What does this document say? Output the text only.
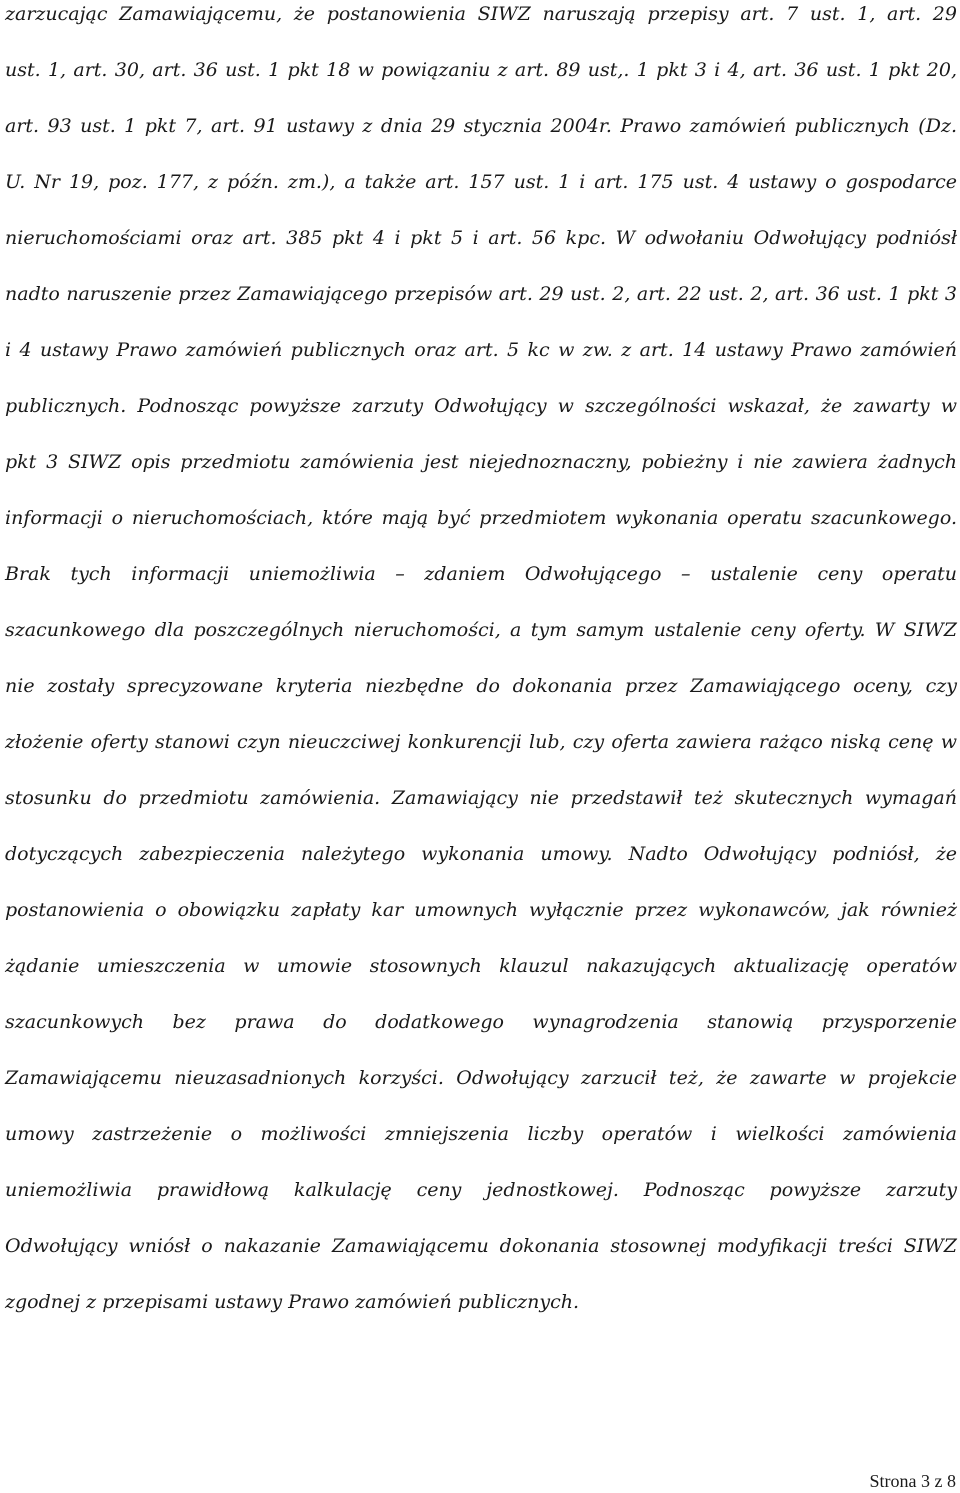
zarzucając Zamawiającemu, że postanowienia SIWZ naruszają przepisy art. 7 ust. 1, art. 29
ust. 1, art. 30, art. 36 ust. 1 pkt 18 w powiązaniu z art. 89 ust,. 1 pkt 3 i 4, art. 36 ust. 1 pkt 20,
art. 93 ust. 1 pkt 7, art. 91 ustawy z dnia 29 stycznia 2004r. Prawo zamówień publicznych (Dz.
U. Nr 19, poz. 177, z późn. zm.), a także art. 157 ust. 1 i art. 175 ust. 4 ustawy o gospodarce
nieruchomościami oraz art. 385 pkt 4 i pkt 5 i art. 56 kpc. W odwołaniu Odwołujący podniósł
nadto naruszenie przez Zamawiającego przepisów art. 29 ust. 2, art. 22 ust. 2, art. 36 ust. 1 pkt 3
i 4 ustawy Prawo zamówień publicznych oraz art. 5 kc w zw. z art. 14 ustawy Prawo zamówień
publicznych. Podnosząc powyższe zarzuty Odwołujący w szczególności wskazał, że zawarty w
pkt 3 SIWZ opis przedmiotu zamówienia jest niejednoznaczny, pobieżny i nie zawiera żadnych
informacji o nieruchomościach, które mają być przedmiotem wykonania operatu szacunkowego.
Brak tych informacji uniemożliwia – zdaniem Odwołującego – ustalenie ceny operatu
szacunkowego dla poszczególnych nieruchomości, a tym samym ustalenie ceny oferty. W SIWZ
nie zostały sprecyzowane kryteria niezbędne do dokonania przez Zamawiającego oceny, czy
złożenie oferty stanowi czyn nieuczciwej konkurencji lub, czy oferta zawiera rażąco niską cenę w
stosunku do przedmiotu zamówienia. Zamawiający nie przedstawił też skutecznych wymagań
dotyczących zabezpieczenia należytego wykonania umowy. Nadto Odwołujący podniósł, że
postanowienia o obowiązku zapłaty kar umownych wyłącznie przez wykonawców, jak również
żądanie umieszczenia w umowie stosownych klauzul nakazujących aktualizację operatów
szacunkowych bez prawa do dodatkowego wynagrodzenia stanowią przysporzenie
Zamawiającemu nieuzasadnionych korzyści. Odwołujący zarzucił też, że zawarte w projekcie
umowy zastrzeżenie o możliwości zmniejszenia liczby operatów i wielkości zamówienia
uniemożliwia prawidłową kalkulację ceny jednostkowej. Podnosząc powyższe zarzuty
Odwołujący wniósł o nakazanie Zamawiającemu dokonania stosownej modyfikacji treści SIWZ
zgodnej z przepisami ustawy Prawo zamówień publicznych.
Strona 3 z 8
